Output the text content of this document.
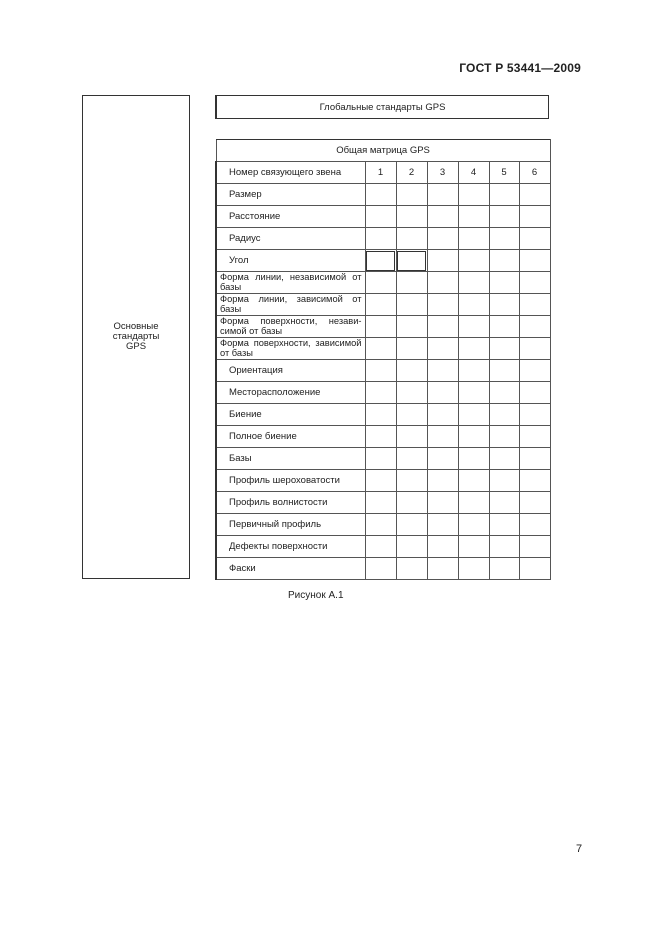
ГОСТ Р 53441—2009
Основные стандарты GPS
Глобальные стандарты GPS
Общая матрица GPS						
Номер связующего звена	1	2	3	4	5	6
Размер						
Расстояние						
Радиус						
Угол						
Форма линии, независимой от базы						
Форма линии, зависимой от базы						
Форма поверхности, независимой от базы						
Форма поверхности, зависимой от базы						
Ориентация						
Месторасположение						
Биение						
Полное биение						
Базы						
Профиль шероховатости						
Профиль волнистости						
Первичный профиль						
Дефекты поверхности						
Фаски						
Рисунок А.1
7
